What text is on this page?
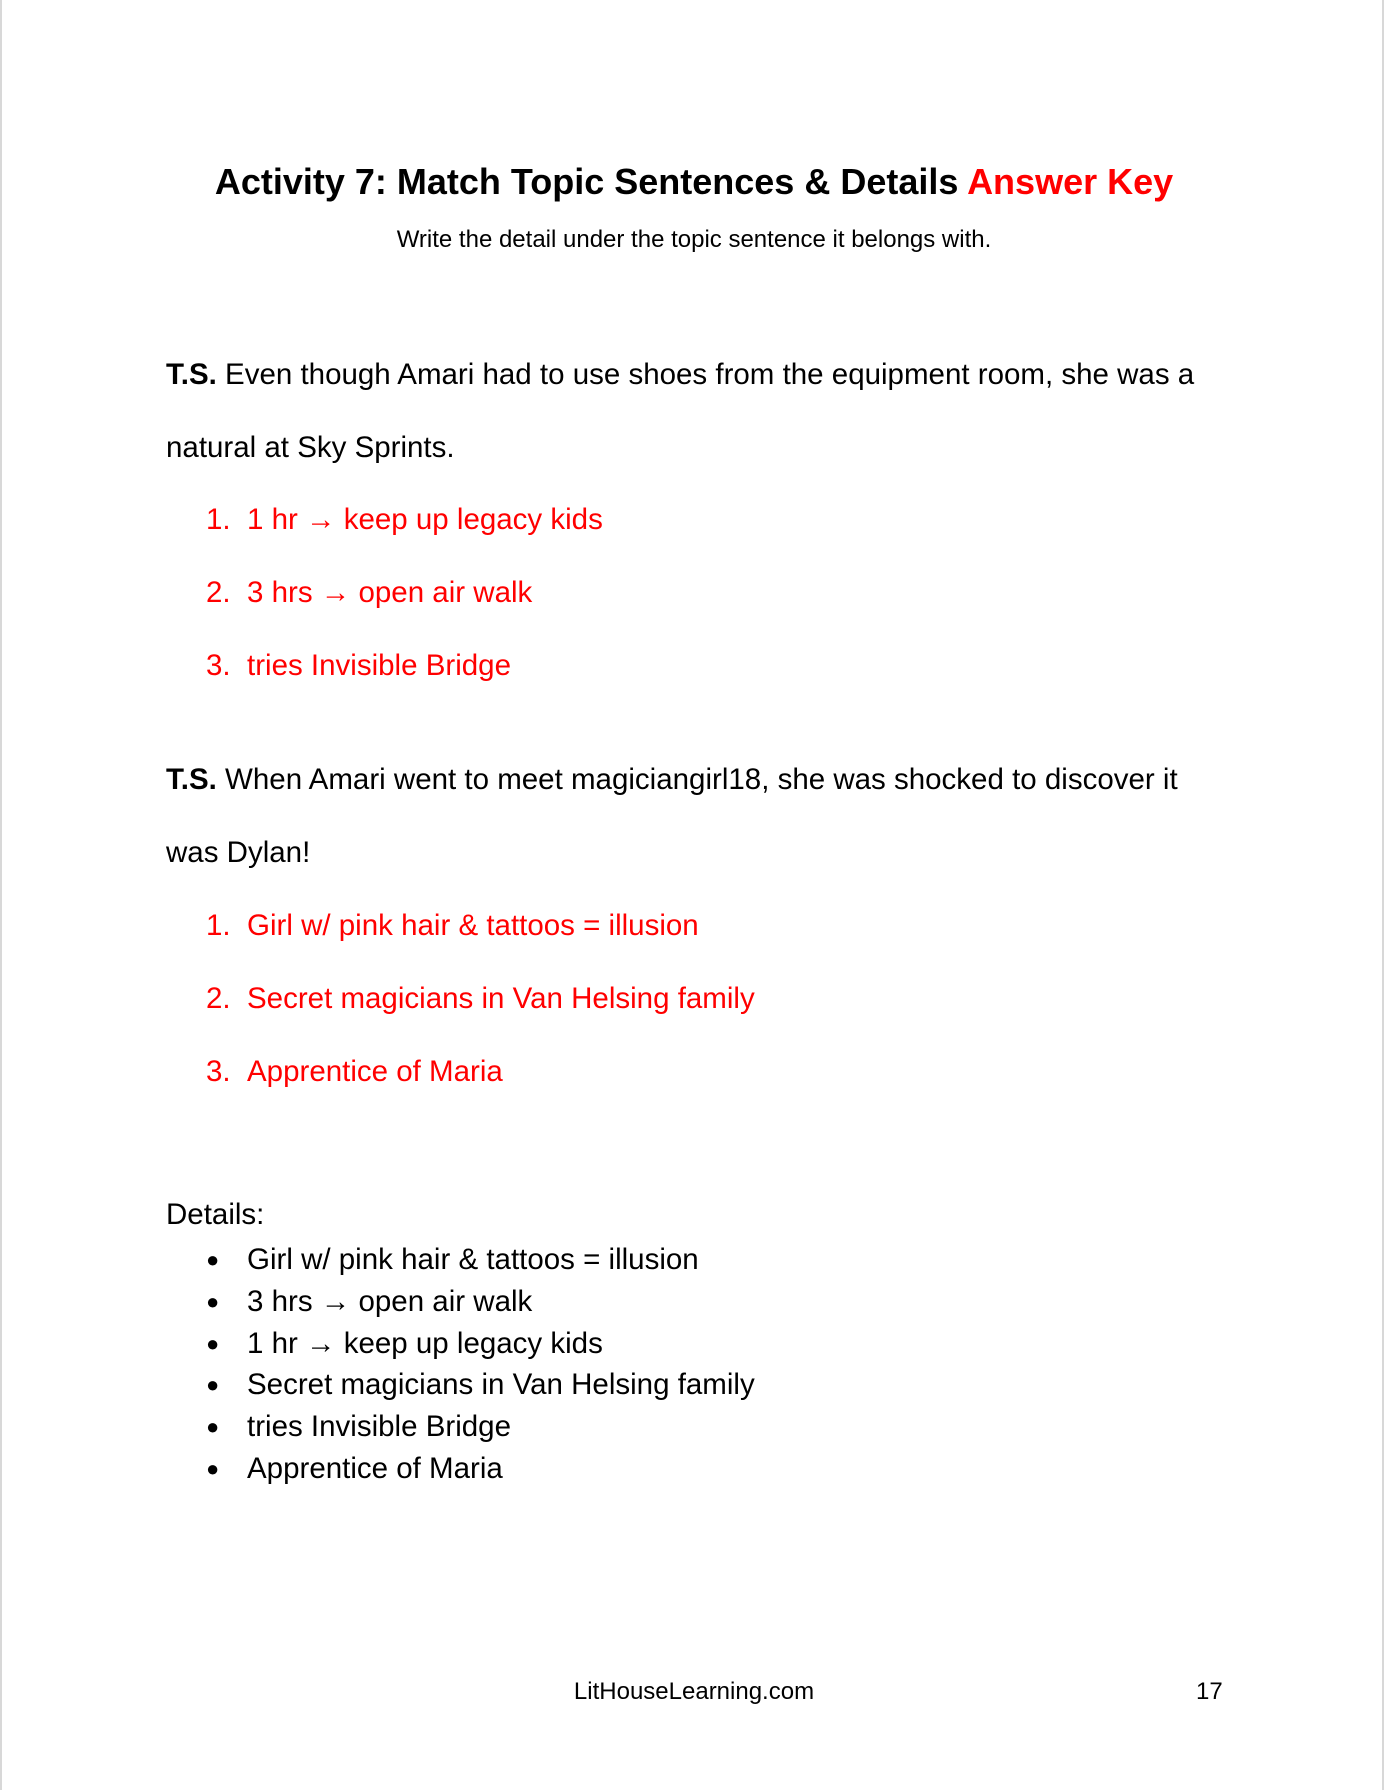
Activity 7: Match Topic Sentences & Details Answer Key
Write the detail under the topic sentence it belongs with.
T.S. Even though Amari had to use shoes from the equipment room, she was a natural at Sky Sprints.
1. 1 hr → keep up legacy kids
2. 3 hrs → open air walk
3. tries Invisible Bridge
T.S. When Amari went to meet magiciangirl18, she was shocked to discover it was Dylan!
1. Girl w/ pink hair & tattoos = illusion
2. Secret magicians in Van Helsing family
3. Apprentice of Maria
Details:
● Girl w/ pink hair & tattoos = illusion
● 3 hrs → open air walk
● 1 hr → keep up legacy kids
● Secret magicians in Van Helsing family
● tries Invisible Bridge
● Apprentice of Maria
LitHouseLearning.com	17
